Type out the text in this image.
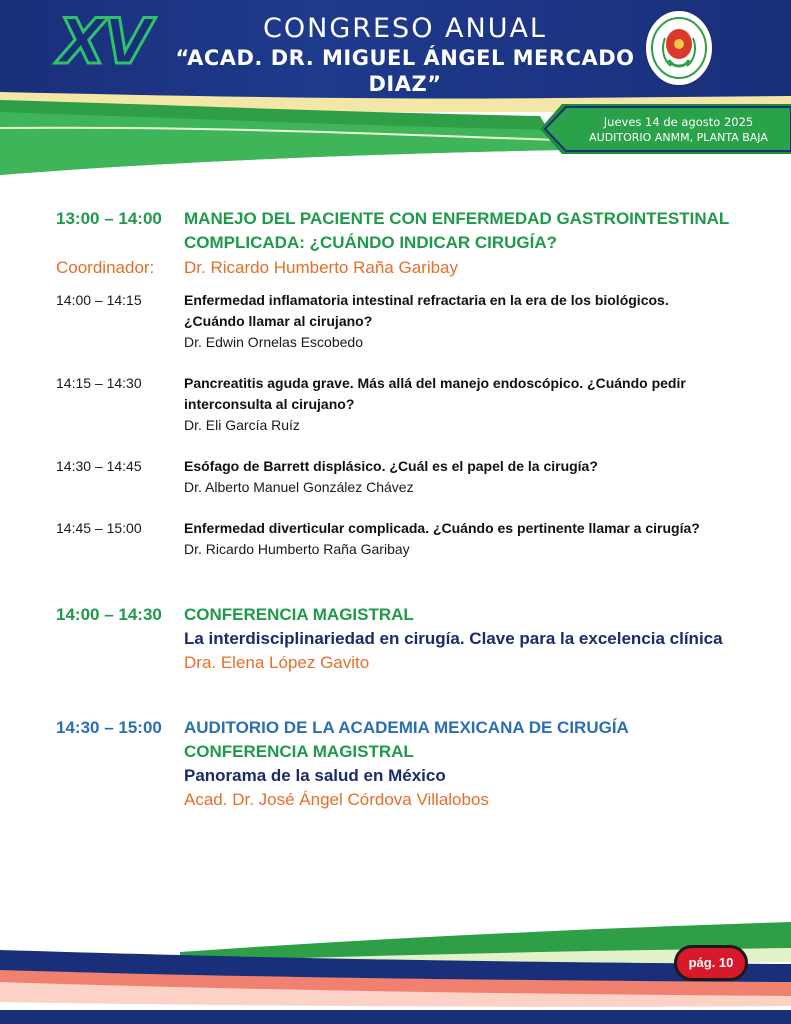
XV	CONGRESO ANUAL
“ACAD. DR. MIGUEL ÁNGEL MERCADO DIAZ”
Jueves 14 de agosto 2025
AUDITORIO ANMM, PLANTA BAJA
13:00 – 14:00	MANEJO DEL PACIENTE CON ENFERMEDAD GASTROINTESTINAL
COMPLICADA: ¿CUÁNDO INDICAR CIRUGÍA?
Coordinador:	Dr. Ricardo Humberto Raña Garibay
14:00 – 14:15	Enfermedad inflamatoria intestinal refractaria en la era de los biológicos.
¿Cuándo llamar al cirujano?
Dr. Edwin Ornelas Escobedo
14:15 – 14:30	Pancreatitis aguda grave. Más allá del manejo endoscópico. ¿Cuándo pedir
interconsulta al cirujano?
Dr. Eli García Ruíz
14:30 – 14:45	Esófago de Barrett displásico. ¿Cuál es el papel de la cirugía?
Dr. Alberto Manuel González Chávez
14:45 – 15:00	Enfermedad diverticular complicada. ¿Cuándo es pertinente llamar a cirugía?
Dr. Ricardo Humberto Raña Garibay
14:00 – 14:30	CONFERENCIA MAGISTRAL
La interdisciplinariedad en cirugía. Clave para la excelencia clínica
Dra. Elena López Gavito
14:30 – 15:00	AUDITORIO DE LA ACADEMIA MEXICANA DE CIRUGÍA
CONFERENCIA MAGISTRAL
Panorama de la salud en México
Acad. Dr. José Ángel Córdova Villalobos
pág. 10
